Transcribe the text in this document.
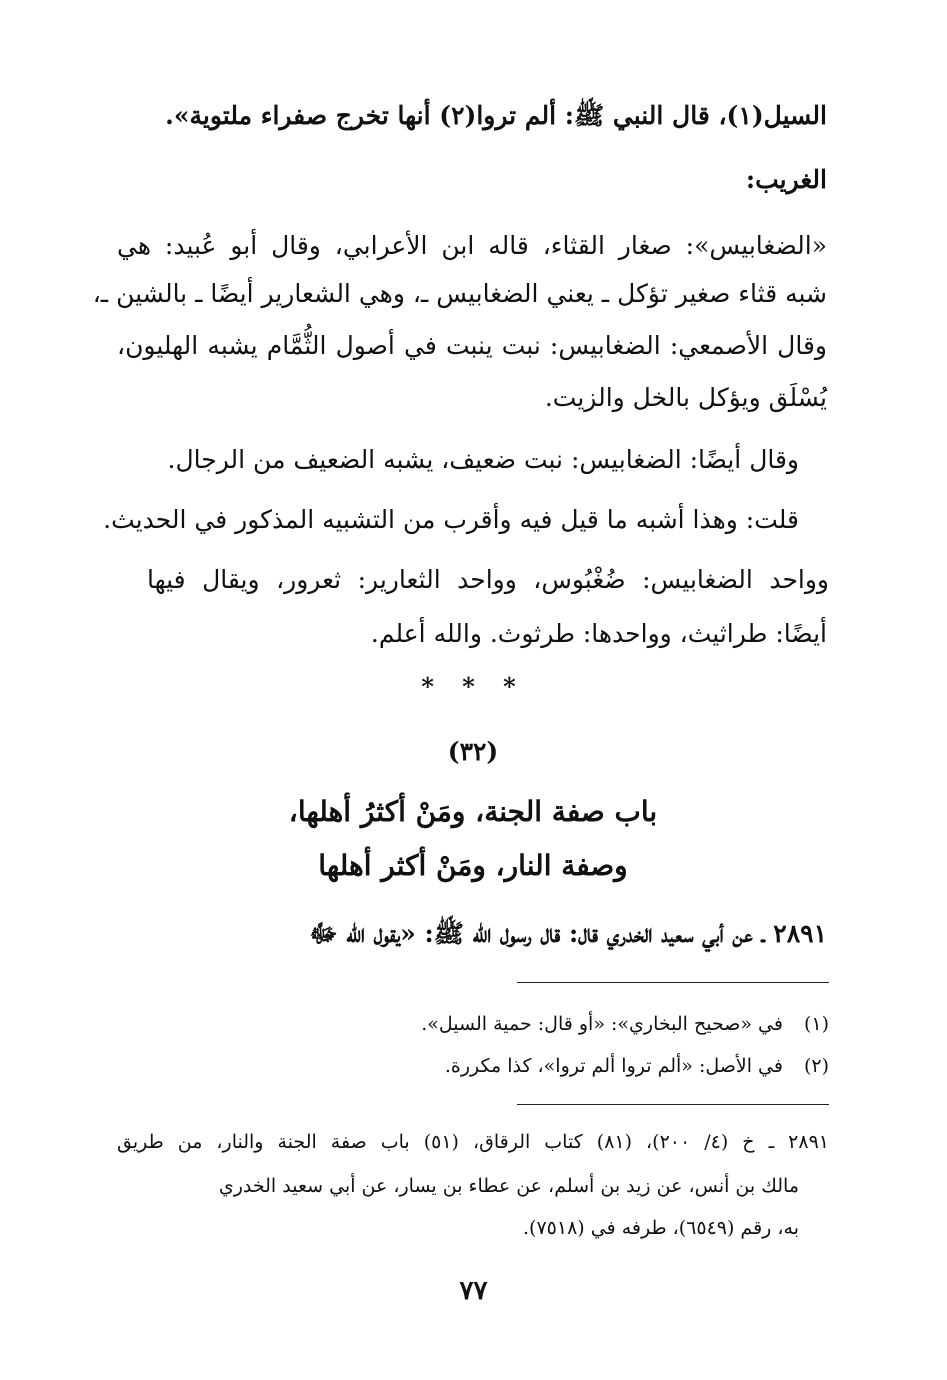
السيل(١)، قال النبي ﷺ: ألم تروا(٢) أنها تخرج صفراء ملتوية».
الغريب:
«الضغابيس»: صغار القثاء، قاله ابن الأعرابي، وقال أبو عُبيد: هي
شبه قثاء صغير تؤكل ـ يعني الضغابيس ـ، وهي الشعارير أيضًا ـ بالشين ـ،
وقال الأصمعي: الضغابيس: نبت ينبت في أصول الثُّمَّام يشبه الهليون،
يُسْلَق ويؤكل بالخل والزيت.
وقال أيضًا: الضغابيس: نبت ضعيف، يشبه الضعيف من الرجال.
قلت: وهذا أشبه ما قيل فيه وأقرب من التشبيه المذكور في الحديث.
وواحد الضغابيس: ضُغْبُوس، وواحد الثعارير: ثعرور، ويقال فيها
أيضًا: طراثيث، وواحدها: طرثوث. والله أعلم.
* * *
(٣٢)
باب صفة الجنة، ومَنْ أكثرُ أهلها،
وصفة النار، ومَنْ أكثر أهلها
٢٨٩١ ـ عن أبي سعيد الخدري قال: قال رسول الله ﷺ: «يقول الله ﷻ
(١) في «صحيح البخاري»: «أو قال: حمية السيل».
(٢) في الأصل: «ألم تروا ألم تروا»، كذا مكررة.
٢٨٩١ ـ خ (٤/ ٢٠٠)، (٨١) كتاب الرقاق، (٥١) باب صفة الجنة والنار، من طريق
مالك بن أنس، عن زيد بن أسلم، عن عطاء بن يسار، عن أبي سعيد الخدري
به، رقم (٦٥٤٩)، طرفه في (٧٥١٨).
٧٧
